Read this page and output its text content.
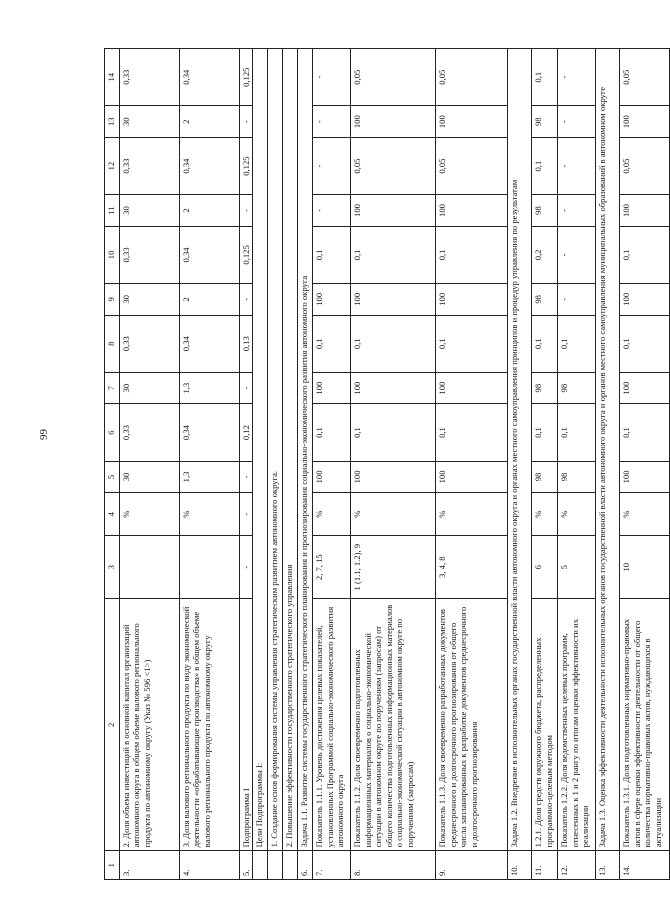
99
1	2	3	4	5	6	7	8	9	10	11	12	13	14
3.	2. Доля объема инвестиций в основной капитал организаций автономного округа в общем объеме валового регионального продукта по автономному округу (Указ № 596 <1>)		%	30	0,33	30	0,33	30	0,33	30	0,33	30	0,33
4.	3. Доля валового регионального продукта по виду экономической деятельности «обрабатывающие производства» в общем объеме валового регионального продукта по автономному округу		%	1,3	0,34	1,3	0,34	2	0,34	2	0,34	2	0,34
5.	Подпрограмма I	-	-	-	0,12	-	0,13	-	0,125	-	0,125	-	0,125
	Цели Подпрограммы I:												
	1. Создание основ формирования системы управления стратегическим развитием автономного округа.												
	2. Повышение эффективности государственного стратегического управления												
6.	Задача 1.1. Развитие системы государственного стратегического планирования и прогнозирования социально-экономического развития автономного округа												
7.	Показатель 1.1.1. Уровень достижения целевых показателей, установленных Программой социально-экономического развития автономного округа	2, 7, 15	%	100	0,1	100	0,1	100	0,1	-	-	-	-
8.	Показатель 1.1.2. Доля своевременно подготовленных информационных материалов о социально-экономической ситуации в автономном округе по поручениям (запросам) от общего количества подготовленных информационных материалов о социально-экономической ситуации в автономном округе по поручениям (запросам)	1 (1.1, 1.2), 9	%	100	0,1	100	0,1	100	0,1	100	0,05	100	0,05
9.	Показатель 1.1.3. Доля своевременно разработанных документов среднесрочного и долгосрочного прогнозирования от общего числа запланированных к разработке документов среднесрочного и долгосрочного прогнозирования	3, 4, 8	%	100	0,1	100	0,1	100	0,1	100	0,05	100	0,05
10.	Задача 1.2. Внедрение в исполнительных органах государственной власти автономного округа и органах местного самоуправления принципов и процедур управления по результатам												
11.	1.2.1. Доля средств окружного бюджета, распределенных программно-целевым методом	6	%	98	0,1	98	0,1	98	0,2	98	0,1	98	0,1
12.	Показатель 1.2.2. Доля ведомственных целевых программ, отнесенных к 1 и 2 рангу по итогам оценки эффективности их реализации	5	%	98	0,1	98	0,1	-	-	-	-	-	-
13.	Задача 1.3. Оценка эффективности деятельности исполнительных органов государственной власти автономного округа и органов местного самоуправления муниципальных образований в автономном округе												
14.	Показатель 1.3.1. Доля подготовленных нормативно-правовых актов в сфере оценки эффективности деятельности от общего количества нормативно-правовых актов, нуждающихся в актуализации	10	%	100	0,1	100	0,1	100	0,1	100	0,05	100	0,05
